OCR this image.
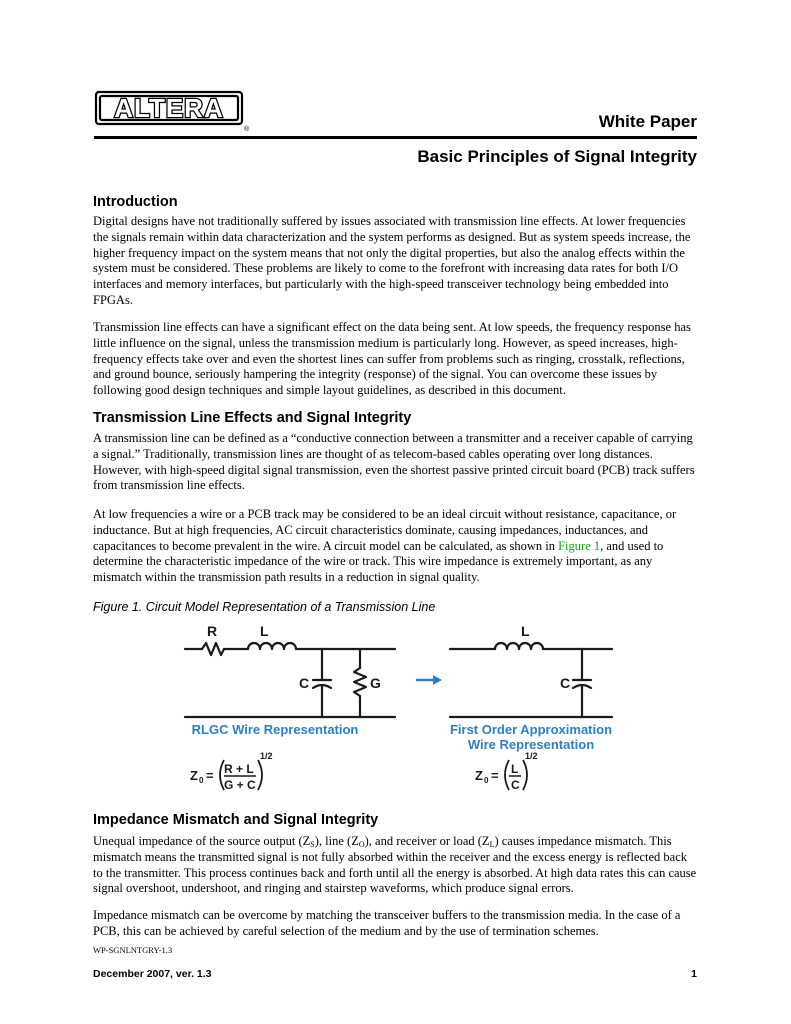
ALTERA
®	White Paper
Basic Principles of Signal Integrity
Introduction
Digital designs have not traditionally suffered by issues associated with transmission line effects. At lower frequencies the signals remain within data characterization and the system performs as designed. But as system speeds increase, the higher frequency impact on the system means that not only the digital properties, but also the analog effects within the system must be considered. These problems are likely to come to the forefront with increasing data rates for both I/O interfaces and memory interfaces, but particularly with the high-speed transceiver technology being embedded into FPGAs.
Transmission line effects can have a significant effect on the data being sent. At low speeds, the frequency response has little influence on the signal, unless the transmission medium is particularly long. However, as speed increases, high-frequency effects take over and even the shortest lines can suffer from problems such as ringing, crosstalk, reflections, and ground bounce, seriously hampering the integrity (response) of the signal. You can overcome these issues by following good design techniques and simple layout guidelines, as described in this document.
Transmission Line Effects and Signal Integrity
A transmission line can be defined as a “conductive connection between a transmitter and a receiver capable of carrying a signal.” Traditionally, transmission lines are thought of as telecom-based cables operating over long distances. However, with high-speed digital signal transmission, even the shortest passive printed circuit board (PCB) track suffers from transmission line effects.
At low frequencies a wire or a PCB track may be considered to be an ideal circuit without resistance, capacitance, or inductance. But at high frequencies, AC circuit characteristics dominate, causing impedances, inductances, and capacitances to become prevalent in the wire. A circuit model can be calculated, as shown in Figure 1, and used to determine the characteristic impedance of the wire or track. This wire impedance is extremely important, as any mismatch within the transmission path results in a reduction in signal quality.
Figure 1. Circuit Model Representation of a Transmission Line
R	L
C	G
L
C
RLGC Wire Representation	First Order Approximation
Wire Representation
Z 0 = R + L
G + C
1/2
Z 0 = L
C
1/2
Impedance Mismatch and Signal Integrity
Unequal impedance of the source output $(Z_S)$, line $(Z_O)$, and receiver or load $(Z_L)$ causes impedance mismatch. This mismatch means the transmitted signal is not fully absorbed within the receiver and the excess energy is reflected back to the transmitter. This process continues back and forth until all the energy is absorbed. At high data rates this can cause signal overshoot, undershoot, and ringing and stairstep waveforms, which produce signal errors.
Impedance mismatch can be overcome by matching the transceiver buffers to the transmission media. In the case of a PCB, this can be achieved by careful selection of the medium and by the use of termination schemes.
WP-SGNLNTGRY-1.3
December 2007, ver. 1.3	1
